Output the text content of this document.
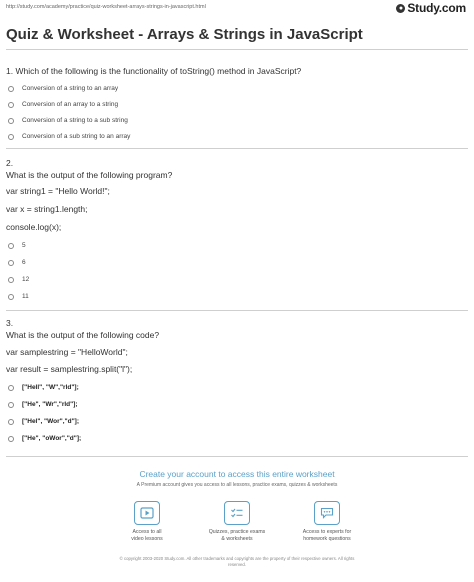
http://study.com/academy/practice/quiz-worksheet-arrays-strings-in-javascript.html	● Study.com
Quiz & Worksheet - Arrays & Strings in JavaScript
1. Which of the following is the functionality of toString() method in JavaScript?
Conversion of a string to an array
Conversion of an array to a string
Conversion of a string to a sub string
Conversion of a sub string to an array
2.
What is the output of the following program?
var string1 = "Hello World!";
var x = string1.length;
console.log(x);
5
6
12
11
3.
What is the output of the following code?
var samplestring = "HelloWorld";
var result = samplestring.split("l");
["Hell", "W","rld"];
["He", "Wr","rld"];
["Hel", "Wor","d"];
["He", "oWor","d"];
Create your account to access this entire worksheet
A Premium account gives you access to all lessons, practice exams, quizzes & worksheets
Access to all
video lessons
Quizzes, practice exams
& worksheets
Access to experts for
homework questions
© copyright 2003-2020 Study.com. All other trademarks and copyrights are the property of their respective owners. All rights
reserved.
